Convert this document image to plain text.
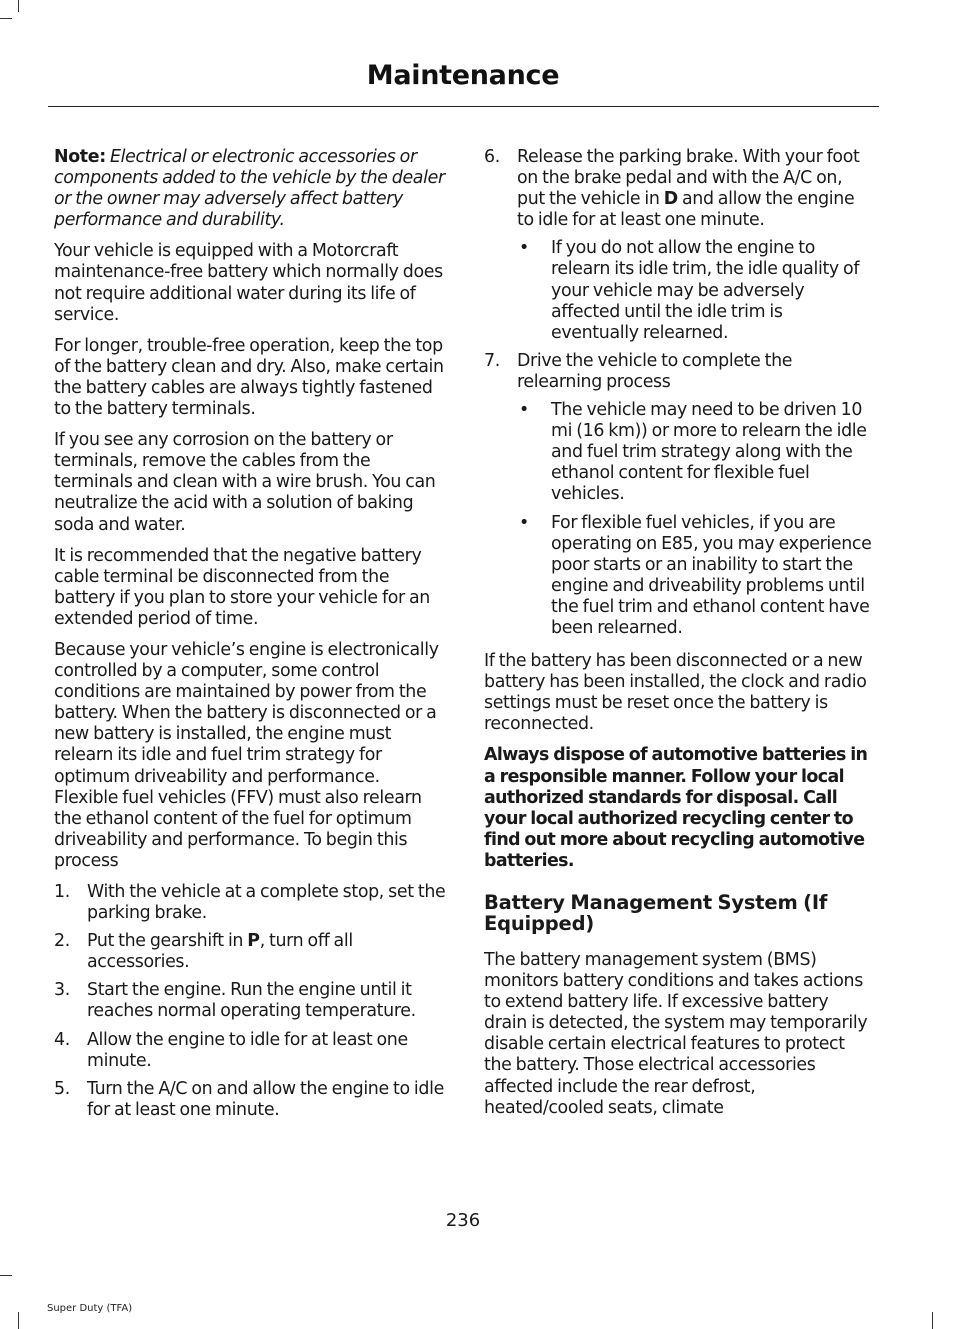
Maintenance

Note: Electrical or electronic accessories or components added to the vehicle by the dealer or the owner may adversely affect battery performance and durability.

Your vehicle is equipped with a Motorcraft maintenance-free battery which normally does not require additional water during its life of service.

For longer, trouble-free operation, keep the top of the battery clean and dry. Also, make certain the battery cables are always tightly fastened to the battery terminals.

If you see any corrosion on the battery or terminals, remove the cables from the terminals and clean with a wire brush. You can neutralize the acid with a solution of baking soda and water.

It is recommended that the negative battery cable terminal be disconnected from the battery if you plan to store your vehicle for an extended period of time.

Because your vehicle’s engine is electronically controlled by a computer, some control conditions are maintained by power from the battery. When the battery is disconnected or a new battery is installed, the engine must relearn its idle and fuel trim strategy for optimum driveability and performance. Flexible fuel vehicles (FFV) must also relearn the ethanol content of the fuel for optimum driveability and performance. To begin this process

1. With the vehicle at a complete stop, set the parking brake.
2. Put the gearshift in P, turn off all accessories.
3. Start the engine. Run the engine until it reaches normal operating temperature.
4. Allow the engine to idle for at least one minute.
5. Turn the A/C on and allow the engine to idle for at least one minute.
6. Release the parking brake. With your foot on the brake pedal and with the A/C on, put the vehicle in D and allow the engine to idle for at least one minute.
• If you do not allow the engine to relearn its idle trim, the idle quality of your vehicle may be adversely affected until the idle trim is eventually relearned.
7. Drive the vehicle to complete the relearning process
• The vehicle may need to be driven 10 mi (16 km)) or more to relearn the idle and fuel trim strategy along with the ethanol content for flexible fuel vehicles.
• For flexible fuel vehicles, if you are operating on E85, you may experience poor starts or an inability to start the engine and driveability problems until the fuel trim and ethanol content have been relearned.

If the battery has been disconnected or a new battery has been installed, the clock and radio settings must be reset once the battery is reconnected.

Always dispose of automotive batteries in a responsible manner. Follow your local authorized standards for disposal. Call your local authorized recycling center to find out more about recycling automotive batteries.

Battery Management System (If Equipped)

The battery management system (BMS) monitors battery conditions and takes actions to extend battery life. If excessive battery drain is detected, the system may temporarily disable certain electrical features to protect the battery. Those electrical accessories affected include the rear defrost, heated/cooled seats, climate

236
Super Duty (TFA)
